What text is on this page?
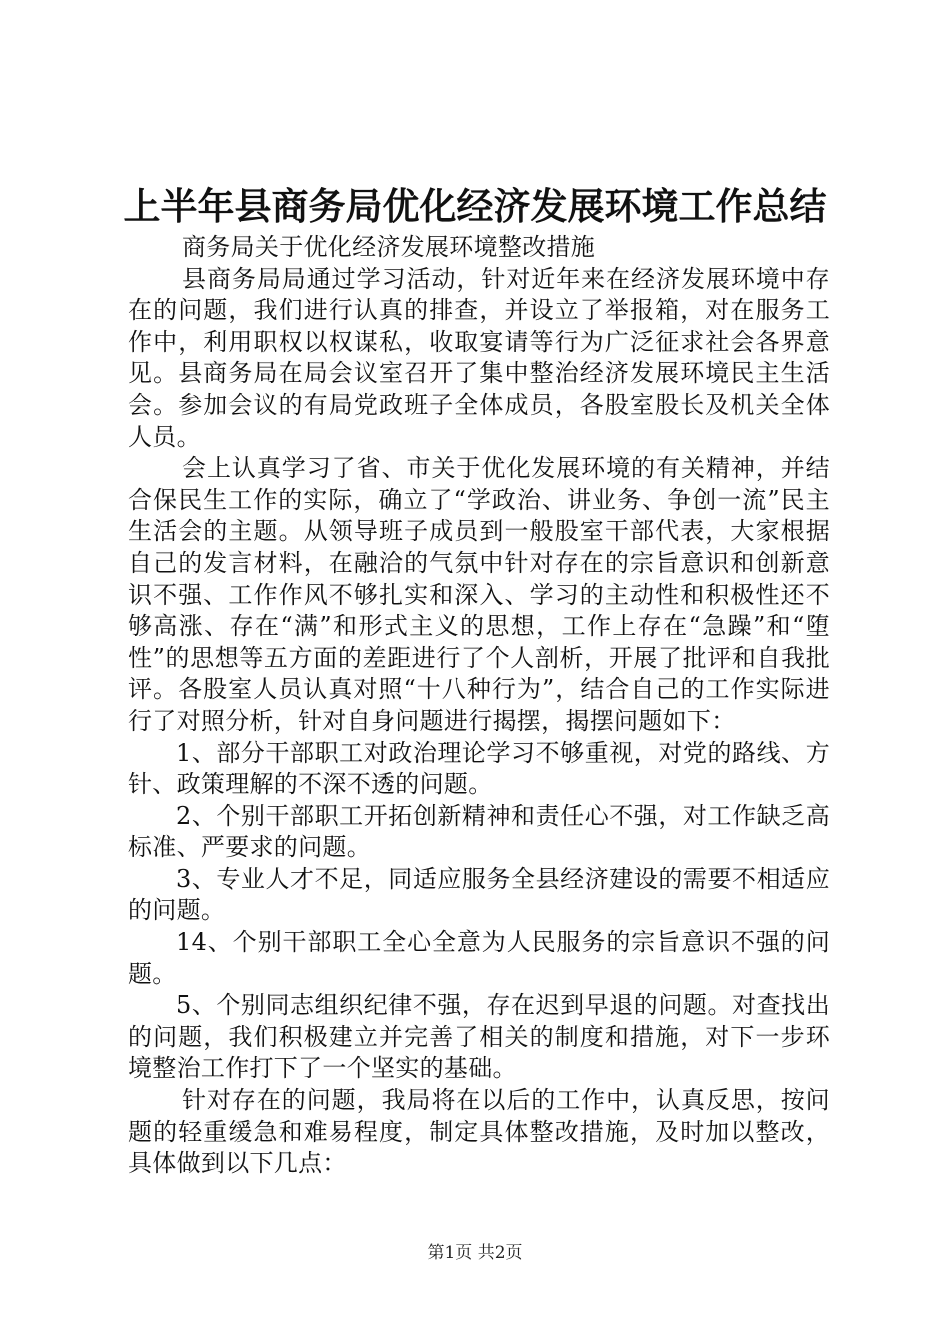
上半年县商务局优化经济发展环境工作总结

商务局关于优化经济发展环境整改措施

县商务局局通过学习活动，针对近年来在经济发展环境中存在的问题，我们进行认真的排查，并设立了举报箱，对在服务工作中，利用职权以权谋私，收取宴请等行为广泛征求社会各界意见。县商务局在局会议室召开了集中整治经济发展环境民主生活会。参加会议的有局党政班子全体成员，各股室股长及机关全体人员。

会上认真学习了省、市关于优化发展环境的有关精神，并结合保民生工作的实际，确立了“学政治、讲业务、争创一流”民主生活会的主题。从领导班子成员到一般股室干部代表，大家根据自己的发言材料，在融洽的气氛中针对存在的宗旨意识和创新意识不强、工作作风不够扎实和深入、学习的主动性和积极性还不够高涨、存在“满”和形式主义的思想，工作上存在“急躁”和“堕性”的思想等五方面的差距进行了个人剖析，开展了批评和自我批评。各股室人员认真对照“十八种行为”，结合自己的工作实际进行了对照分析，针对自身问题进行揭摆，揭摆问题如下：

1、部分干部职工对政治理论学习不够重视，对党的路线、方针、政策理解的不深不透的问题。

2、个别干部职工开拓创新精神和责任心不强，对工作缺乏高标准、严要求的问题。

3、专业人才不足，同适应服务全县经济建设的需要不相适应的问题。

14、个别干部职工全心全意为人民服务的宗旨意识不强的问题。

5、个别同志组织纪律不强，存在迟到早退的问题。对查找出的问题，我们积极建立并完善了相关的制度和措施，对下一步环境整治工作打下了一个坚实的基础。

针对存在的问题，我局将在以后的工作中，认真反思，按问题的轻重缓急和难易程度，制定具体整改措施，及时加以整改，具体做到以下几点：

第1页 共2页
